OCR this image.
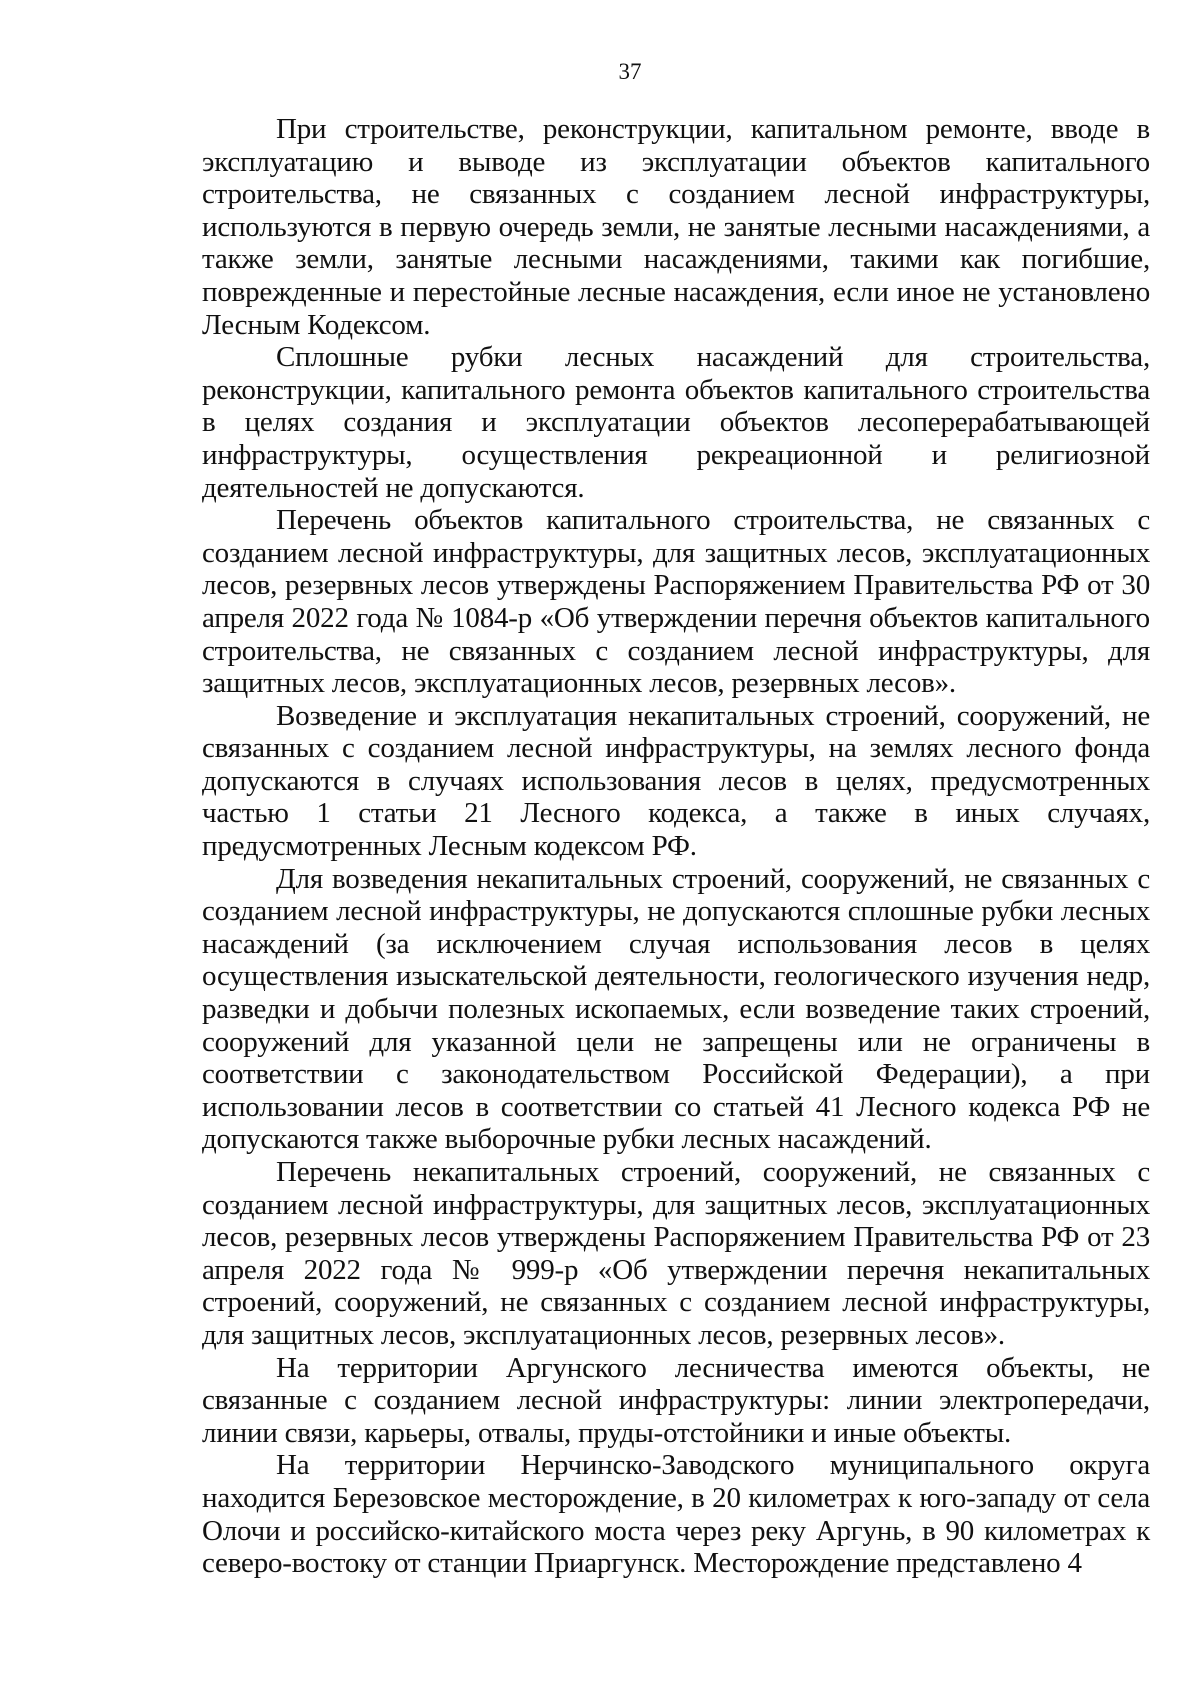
37

При строительстве, реконструкции, капитальном ремонте, вводе в эксплуатацию и выводе из эксплуатации объектов капитального строительства, не связанных с созданием лесной инфраструктуры, используются в первую очередь земли, не занятые лесными насаждениями, а также земли, занятые лесными насаждениями, такими как погибшие, поврежденные и перестойные лесные насаждения, если иное не установлено Лесным Кодексом.

Сплошные рубки лесных насаждений для строительства, реконструкции, капитального ремонта объектов капитального строительства в целях создания и эксплуатации объектов лесоперерабатывающей инфраструктуры, осуществления рекреационной и религиозной деятельностей не допускаются.

Перечень объектов капитального строительства, не связанных с созданием лесной инфраструктуры, для защитных лесов, эксплуатационных лесов, резервных лесов утверждены Распоряжением Правительства РФ от 30 апреля 2022 года № 1084-р «Об утверждении перечня объектов капитального строительства, не связанных с созданием лесной инфраструктуры, для защитных лесов, эксплуатационных лесов, резервных лесов».

Возведение и эксплуатация некапитальных строений, сооружений, не связанных с созданием лесной инфраструктуры, на землях лесного фонда допускаются в случаях использования лесов в целях, предусмотренных частью 1 статьи 21 Лесного кодекса, а также в иных случаях, предусмотренных Лесным кодексом РФ.

Для возведения некапитальных строений, сооружений, не связанных с созданием лесной инфраструктуры, не допускаются сплошные рубки лесных насаждений (за исключением случая использования лесов в целях осуществления изыскательской деятельности, геологического изучения недр, разведки и добычи полезных ископаемых, если возведение таких строений, сооружений для указанной цели не запрещены или не ограничены в соответствии с законодательством Российской Федерации), а при использовании лесов в соответствии со статьей 41 Лесного кодекса РФ не допускаются также выборочные рубки лесных насаждений.

Перечень некапитальных строений, сооружений, не связанных с созданием лесной инфраструктуры, для защитных лесов, эксплуатационных лесов, резервных лесов утверждены Распоряжением Правительства РФ от 23 апреля 2022 года № 999-р «Об утверждении перечня некапитальных строений, сооружений, не связанных с созданием лесной инфраструктуры, для защитных лесов, эксплуатационных лесов, резервных лесов».

На территории Аргунского лесничества имеются объекты, не связанные с созданием лесной инфраструктуры: линии электропередачи, линии связи, карьеры, отвалы, пруды-отстойники и иные объекты.

На территории Нерчинско-Заводского муниципального округа находится Березовское месторождение, в 20 километрах к юго-западу от села Олочи и российско-китайского моста через реку Аргунь, в 90 километрах к северо-востоку от станции Приаргунск. Месторождение представлено 4
